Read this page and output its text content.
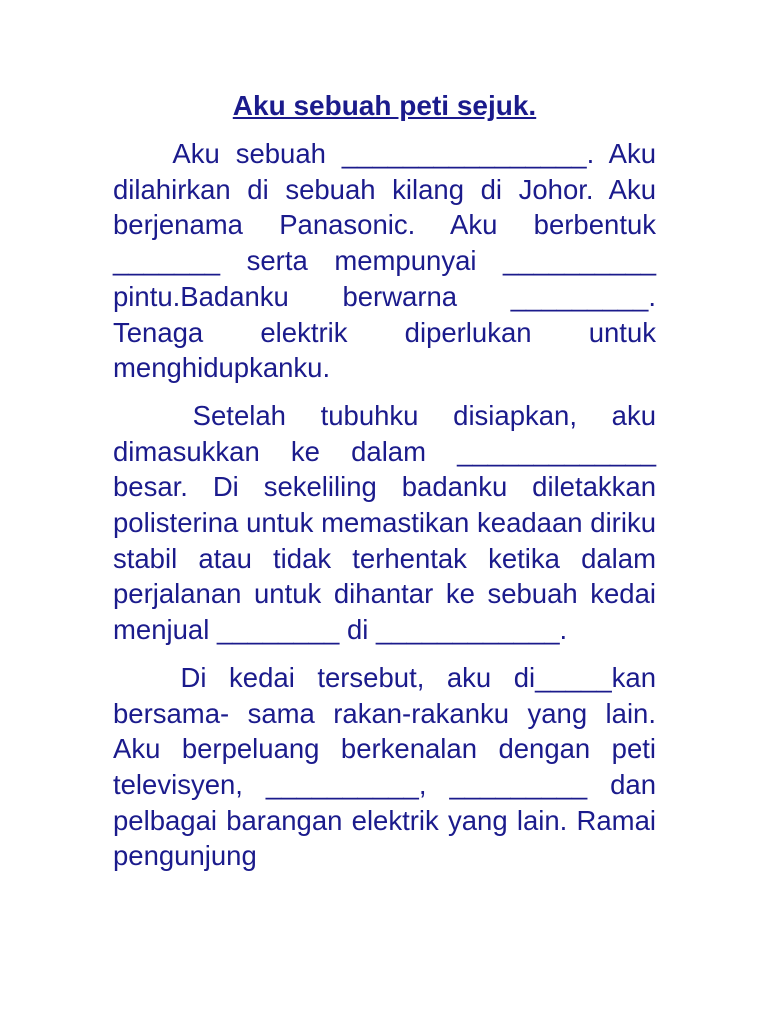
Aku sebuah peti sejuk.
Aku sebuah ________________. Aku dilahirkan di sebuah kilang di Johor. Aku berjenama Panasonic. Aku berbentuk _______ serta mempunyai __________ pintu.Badanku berwarna _________. Tenaga elektrik diperlukan untuk menghidupkanku.
Setelah tubuhku disiapkan, aku dimasukkan ke dalam _____________ besar. Di sekeliling badanku diletakkan polisterina untuk memastikan keadaan diriku stabil atau tidak terhentak ketika dalam perjalanan untuk dihantar ke sebuah kedai menjual ________ di ____________.
Di kedai tersebut, aku di_____kan bersama- sama rakan-rakanku yang lain. Aku berpeluang berkenalan dengan peti televisyen, __________, _________ dan pelbagai barangan elektrik yang lain. Ramai pengunjung
